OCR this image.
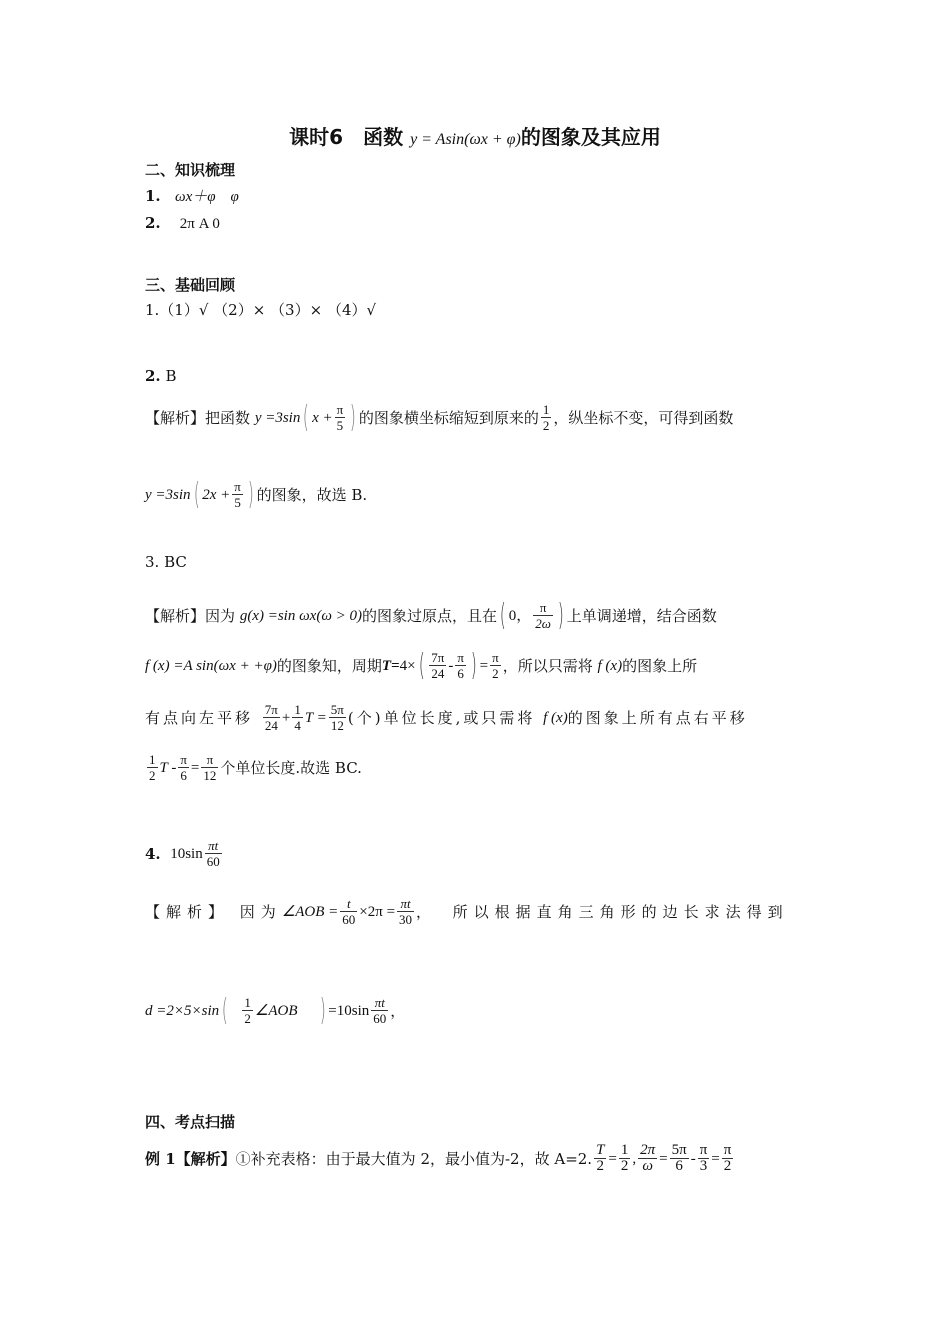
课时6　函数 y = Asin(ωx + φ)的图象及其应用
二、知识梳理
1. ωx＋φ　φ
2. 2π A 0
三、基础回顾
1.（1）√ （2）× （3）× （4）√
2. B
【解析】 把函数
y =3sin ( $x + \frac{\pi}{5}$ ) 的图象横坐标缩短到原来的 $\frac{1}{2}$ ，纵坐标不变，可得到函数
y =3sin ( $2x + \frac{\pi}{5}$ ) 的图象，故选 B.
3. BC
【解析】 因为
g(x) =sin ωx(ω > 0) 的图象过原点，且在 ( 0， $\frac{\pi}{2\omega}$ ) 上单调递增，结合函数
f (x) =A sin(ωx + +φ) 的图象知，周期 T= 4× ( $\frac{7\pi}{24} - \frac{\pi}{6}$ ) = $\frac{\pi}{2}$ ，所以只需将
f (x) 的图象上所
有点向左平移
$\frac{7\pi}{24} + \frac{1}{4}$ $T = \frac{5\pi}{12}$ (个)单位长度,或只需将
f (x) 的图象上所有点右平移
$\frac{1}{2}$ $T - \frac{\pi}{6} = \frac{\pi}{12}$ 个单位长度.故选 BC.
4.
$10\sin \frac{\pi t}{60}$
【解析】
因为 ∠AOB = $\frac{t}{60} \times 2\pi = \frac{\pi t}{30}$ ，
所以根据直角三角形的边长求法得到
d =2×5×sin (
$\frac{1}{2}$ ∠AOB
) $=10\sin \frac{\pi t}{60}$ ，
四、考点扫描
例 1【解析】 ①补充表格：由于最大值为 2，最小值为-2，故 A=2. $\frac{T}{2} = \frac{1}{2}$ , $\frac{2\pi}{\omega} = \frac{5\pi}{6} - \frac{\pi}{3} = \frac{\pi}{2}$
